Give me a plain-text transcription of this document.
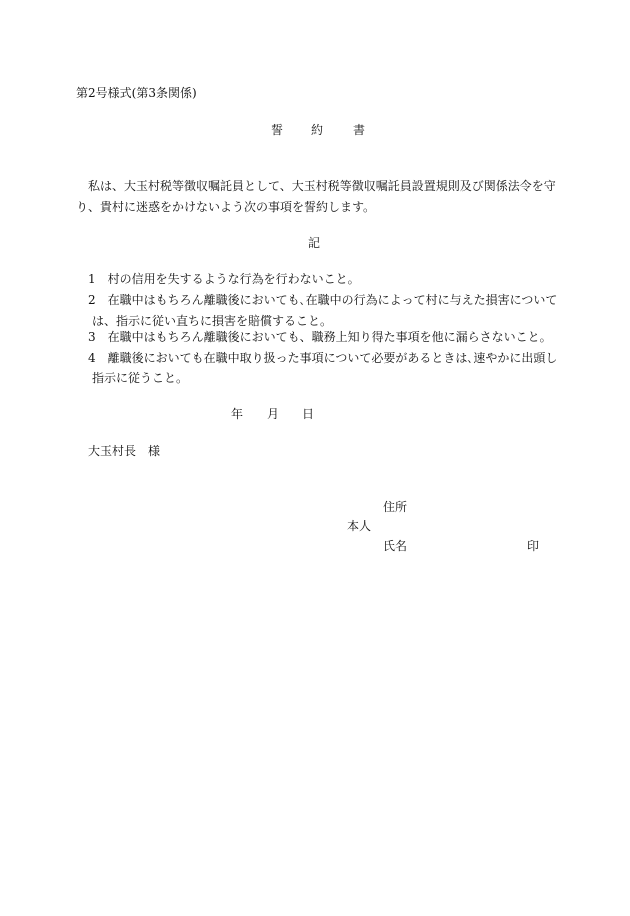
第2号様式(第3条関係)
誓 約 書
私は、大玉村税等徴収嘱託員として、大玉村税等徴収嘱託員設置規則及び関係法令を守
り、貴村に迷惑をかけないよう次の事項を誓約します。
記
1　村の信用を失するような行為を行わないこと。
2　在職中はもちろん離職後においても､在職中の行為によって村に与えた損害について
は、指示に従い直ちに損害を賠償すること。
3　在職中はもちろん離職後においても、職務上知り得た事項を他に漏らさないこと。
4　離職後においても在職中取り扱った事項について必要があるときは､速やかに出頭し
指示に従うこと。
年 月 日
大玉村長　様
住所
本人
氏名	印
